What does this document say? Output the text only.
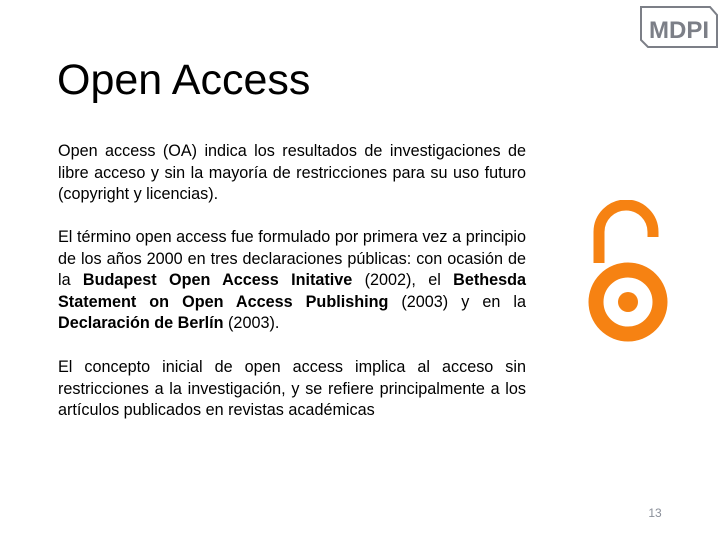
MDPI
Open Access

Open access (OA) indica los resultados de investigaciones de libre acceso y sin la mayoría de restricciones para su uso futuro (copyright y licencias).

El término open access fue formulado por primera vez a principio de los años 2000 en tres declaraciones públicas: con ocasión de la Budapest Open Access Initative (2002), el Bethesda Statement on Open Access Publishing (2003) y en la Declaración de Berlín (2003).

El concepto inicial de open access implica al acceso sin restricciones a la investigación, y se refiere principalmente a los artículos publicados en revistas académicas

13
